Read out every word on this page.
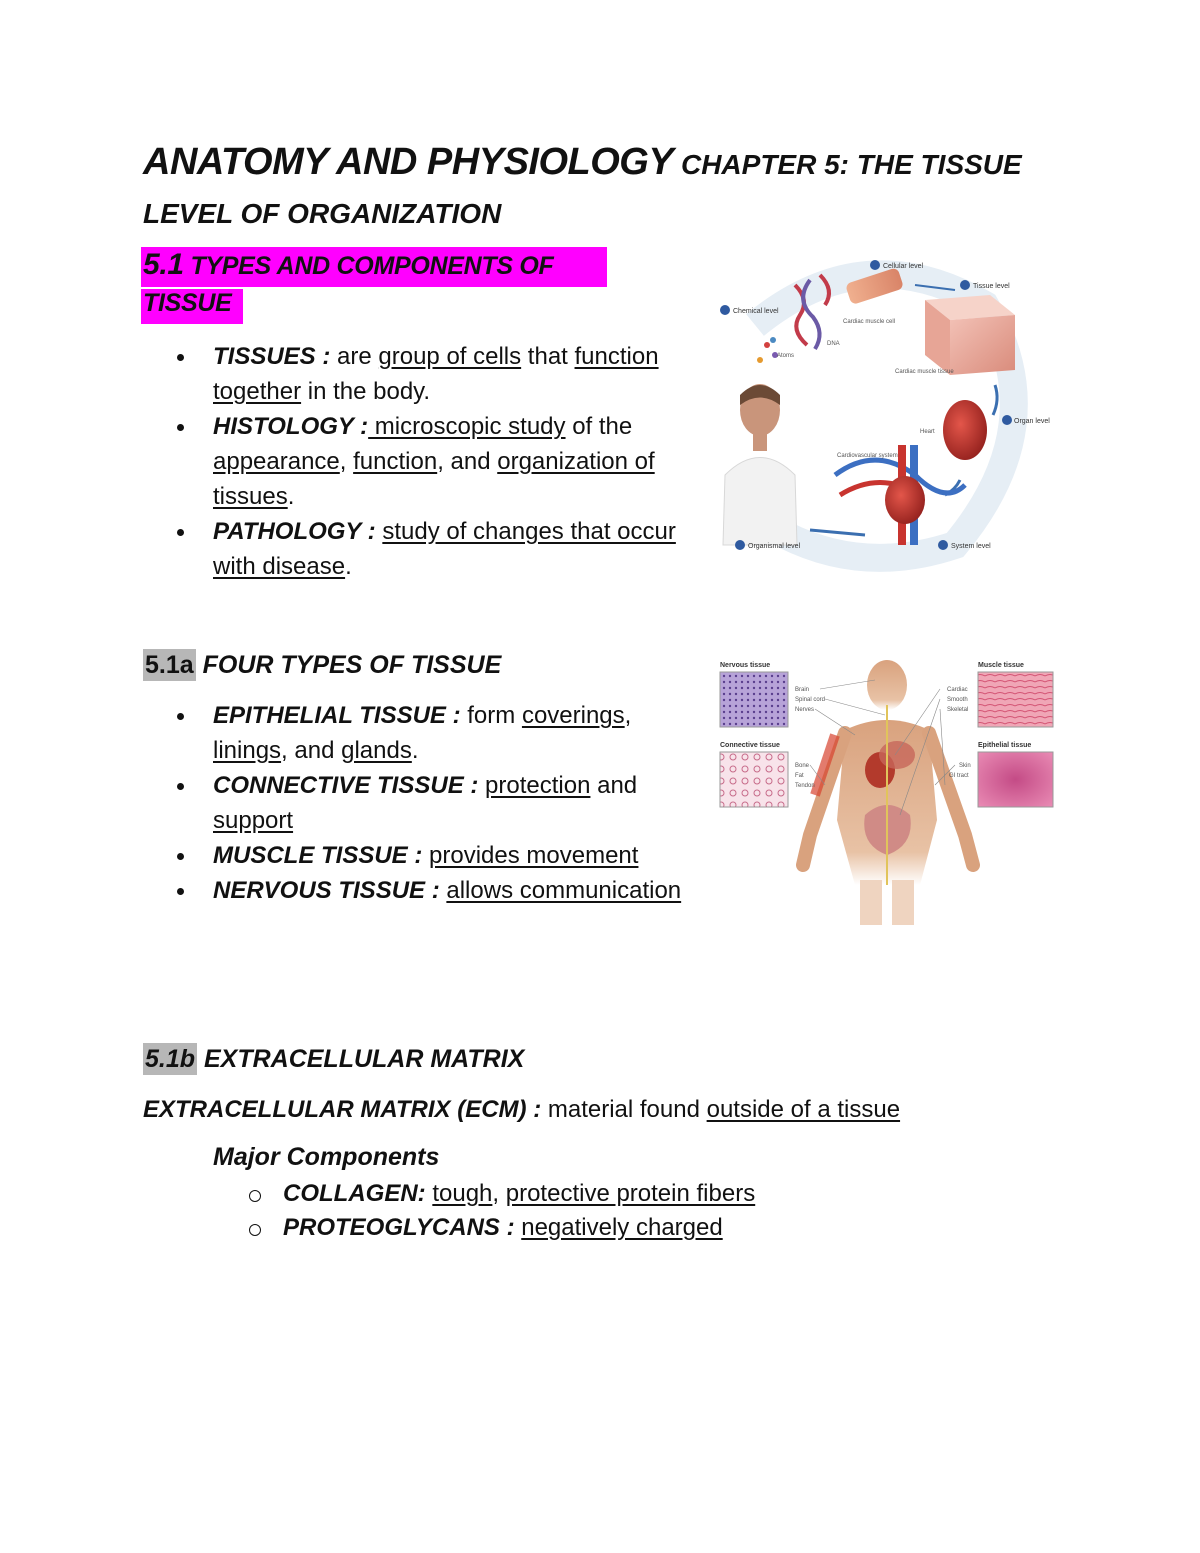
ANATOMY AND PHYSIOLOGY CHAPTER 5: THE TISSUE LEVEL OF ORGANIZATION
5.1 TYPES AND COMPONENTS OF TISSUE
TISSUES : are group of cells that function together in the body.
HISTOLOGY : microscopic study of the appearance, function, and organization of tissues.
PATHOLOGY : study of changes that occur with disease.
5.1a FOUR TYPES OF TISSUE
EPITHELIAL TISSUE : form coverings, linings, and glands.
CONNECTIVE TISSUE : protection and support
MUSCLE TISSUE : provides movement
NERVOUS TISSUE : allows communication
5.1b EXTRACELLULAR MATRIX
EXTRACELLULAR MATRIX (ECM) : material found outside of a tissue
Major Components
COLLAGEN: tough, protective protein fibers
PROTEOGLYCANS : negatively charged
Chemical level
Cellular level
Tissue level
Organ level
System level
Organismal level
Atoms
DNA
Cardiac muscle cell
Cardiac muscle tissue
Heart
Cardiovascular system
Nervous tissue	Muscle tissue
Connective tissue	Epithelial tissue
Brain
Spinal cord
Nerves
Bone
Fat
Tendon
Cardiac
Smooth
Skeletal
Skin
GI tract
